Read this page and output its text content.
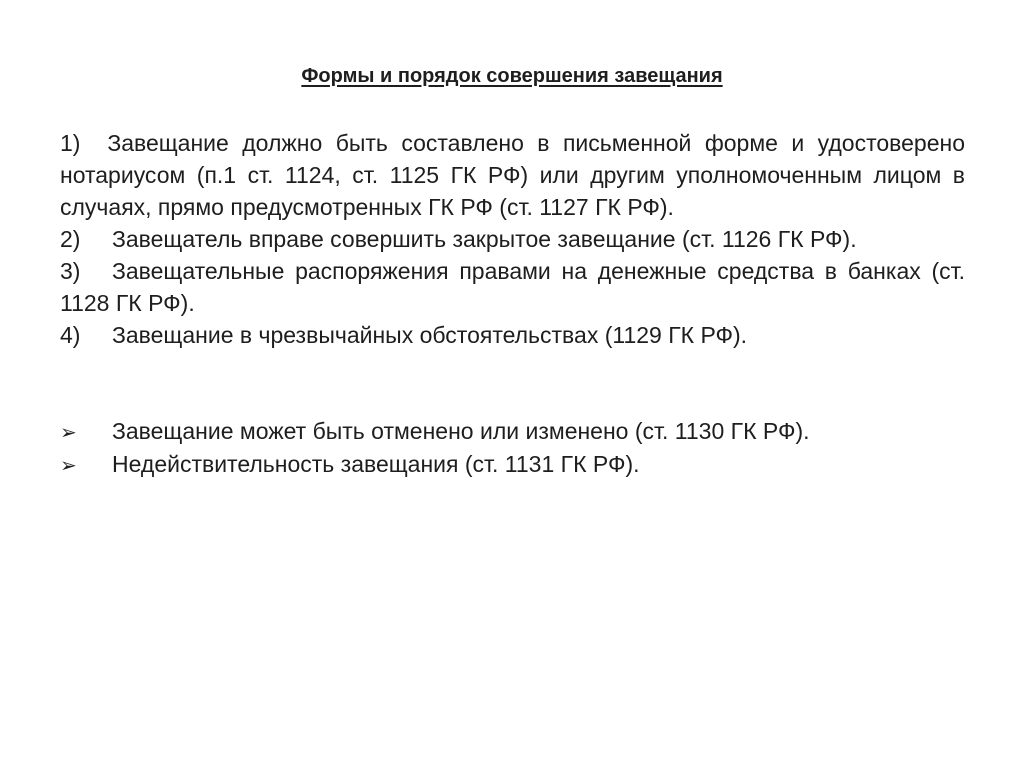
Формы и порядок совершения завещания
1) Завещание должно быть составлено в письменной форме и удостоверено нотариусом (п.1 ст. 1124, ст. 1125 ГК РФ) или другим уполномоченным лицом в случаях, прямо предусмотренных ГК РФ (ст. 1127 ГК РФ).
2)	Завещатель вправе совершить закрытое завещание (ст. 1126 ГК РФ).
3) Завещательные распоряжения правами на денежные средства в банках (ст. 1128 ГК РФ).
4)	Завещание в чрезвычайных обстоятельствах (1129 ГК РФ).
➢	Завещание может быть отменено или изменено (ст. 1130 ГК РФ).
➢	Недействительность завещания (ст. 1131 ГК РФ).
